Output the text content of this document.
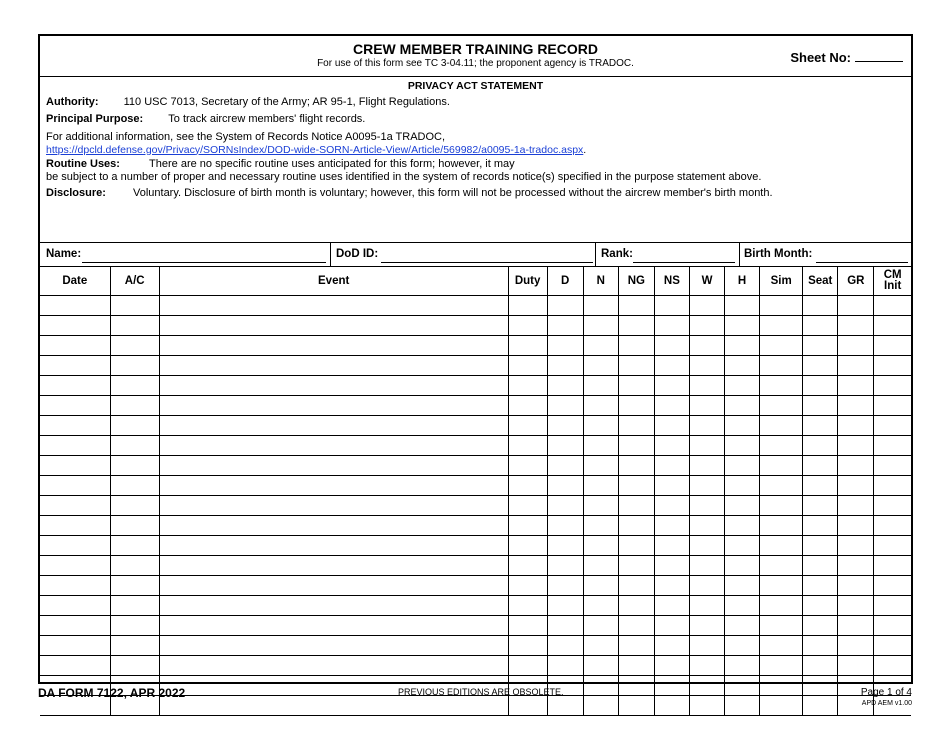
CREW MEMBER TRAINING RECORD
For use of this form see TC 3-04.11; the proponent agency is TRADOC.	Sheet No:
PRIVACY ACT STATEMENT
Authority: 110 USC 7013, Secretary of the Army; AR 95-1, Flight Regulations.
Principal Purpose: To track aircrew members' flight records.
For additional information, see the System of Records Notice A0095-1a TRADOC,
https://dpcld.defense.gov/Privacy/SORNsIndex/DOD-wide-SORN-Article-View/Article/569982/a0095-1a-tradoc.aspx.
Routine Uses:	There are no specific routine uses anticipated for this form; however, it may
be subject to a number of proper and necessary routine uses identified in the system of records notice(s) specified in the purpose statement above.
Disclosure: Voluntary. Disclosure of birth month is voluntary; however, this form will not be processed without the aircrew member's birth month.
Name:	DoD ID:	Rank:	Birth Month:
Date	A/C	Event	Duty	D	N	NG	NS	W	H	Sim	Seat	GR	CM Init

DA FORM 7122, APR 2022	PREVIOUS EDITIONS ARE OBSOLETE.	Page 1 of 4
APD AEM v1.00
